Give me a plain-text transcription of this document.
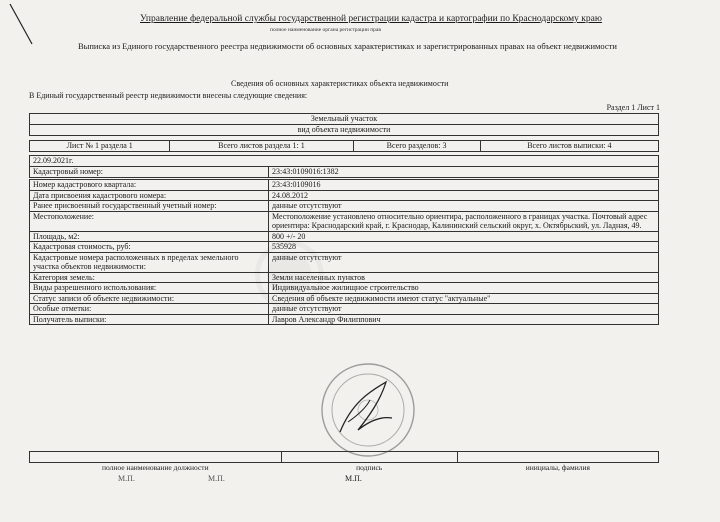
Управление федеральной службы государственной регистрации кадастра и картографии по Краснодарскому краю
полное наименование органа регистрации прав
Выписка из Единого государственного реестра недвижимости об основных характеристиках и зарегистрированных правах на объект недвижимости
Сведения об основных характеристиках объекта недвижимости
В Единый государственный реестр недвижимости внесены следующие сведения:
Раздел 1 Лист 1
Земельный участок
вид объекта недвижимости
Лист № 1 раздела 1	Всего листов раздела 1: 1	Всего разделов: 3	Всего листов выписки: 4
22.09.2021г.
Кадастровый номер:	23:43:0109016:1382
Номер кадастрового квартала:	23:43:0109016
Дата присвоения кадастрового номера:	24.08.2012
Ранее присвоенный государственный учетный номер:	данные отсутствуют
Местоположение:	Местоположение установлено относительно ориентира, расположенного в границах участка. Почтовый адрес ориентира: Краснодарский край, г. Краснодар, Калининский сельский округ, х. Октябрьский, ул. Ладная, 49.
Площадь, м2:	800 +/- 20
Кадастровая стоимость, руб:	535928
Кадастровые номера расположенных в пределах земельного участка объектов недвижимости:	данные отсутствуют
Категория земель:	Земли населенных пунктов
Виды разрешенного использования:	Индивидуальное жилищное строительство
Статус записи об объекте недвижимости:	Сведения об объекте недвижимости имеют статус "актуальные"
Особые отметки:	данные отсутствуют
Получатель выписки:	Лавров Александр Филиппович

полное наименование должности	подпись	инициалы, фамилия
М.П.	М.П.	М.П.
